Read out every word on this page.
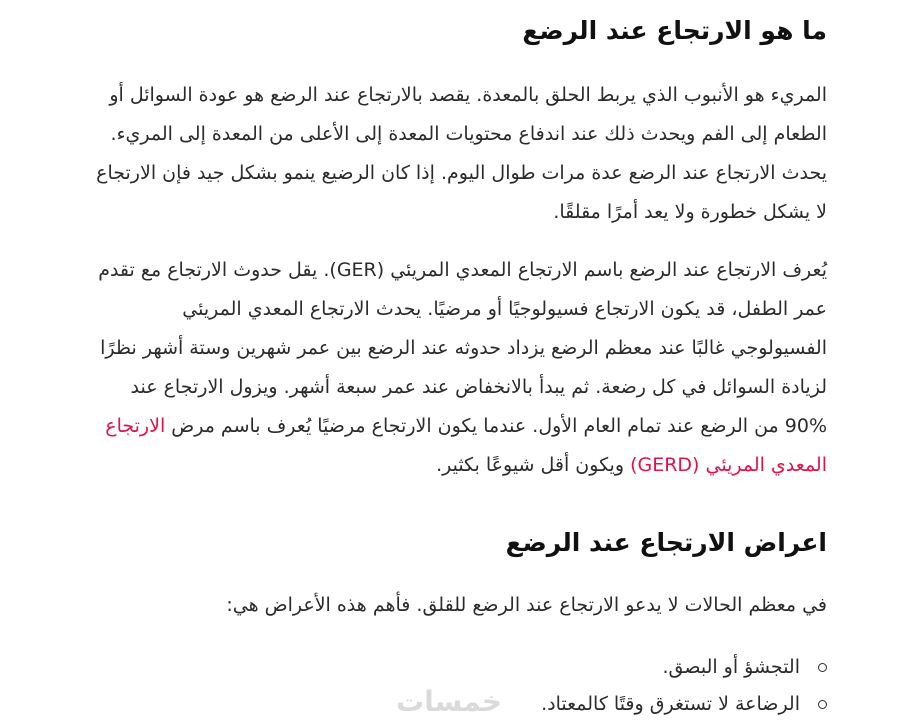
ما هو الارتجاع عند الرضع
المريء هو الأنبوب الذي يربط الحلق بالمعدة. يقصد بالارتجاع عند الرضع هو عودة السوائل أو
الطعام إلى الفم ويحدث ذلك عند اندفاع محتويات المعدة إلى الأعلى من المعدة إلى المريء.
يحدث الارتجاع عند الرضع عدة مرات طوال اليوم. إذا كان الرضيع ينمو بشكل جيد فإن الارتجاع
لا يشكل خطورة ولا يعد أمرًا مقلقًا.
يُعرف الارتجاع عند الرضع باسم الارتجاع المعدي المريئي (GER). يقل حدوث الارتجاع مع تقدم
عمر الطفل، قد يكون الارتجاع فسيولوجيًا أو مرضيًا. يحدث الارتجاع المعدي المريئي
الفسيولوجي غالبًا عند معظم الرضع يزداد حدوثه عند الرضع بين عمر شهرين وستة أشهر نظرًا
لزيادة السوائل في كل رضعة. ثم يبدأ بالانخفاض عند عمر سبعة أشهر. ويزول الارتجاع عند
90% من الرضع عند تمام العام الأول. عندما يكون الارتجاع مرضيًا يُعرف باسم مرض الارتجاع
المعدي المريئي (GERD) ويكون أقل شيوعًا بكثير.
اعراض الارتجاع عند الرضع
في معظم الحالات لا يدعو الارتجاع عند الرضع للقلق. فأهم هذه الأعراض هي:
التجشؤ أو البصق.
الرضاعة لا تستغرق وقتًا كالمعتاد.
خمسات
